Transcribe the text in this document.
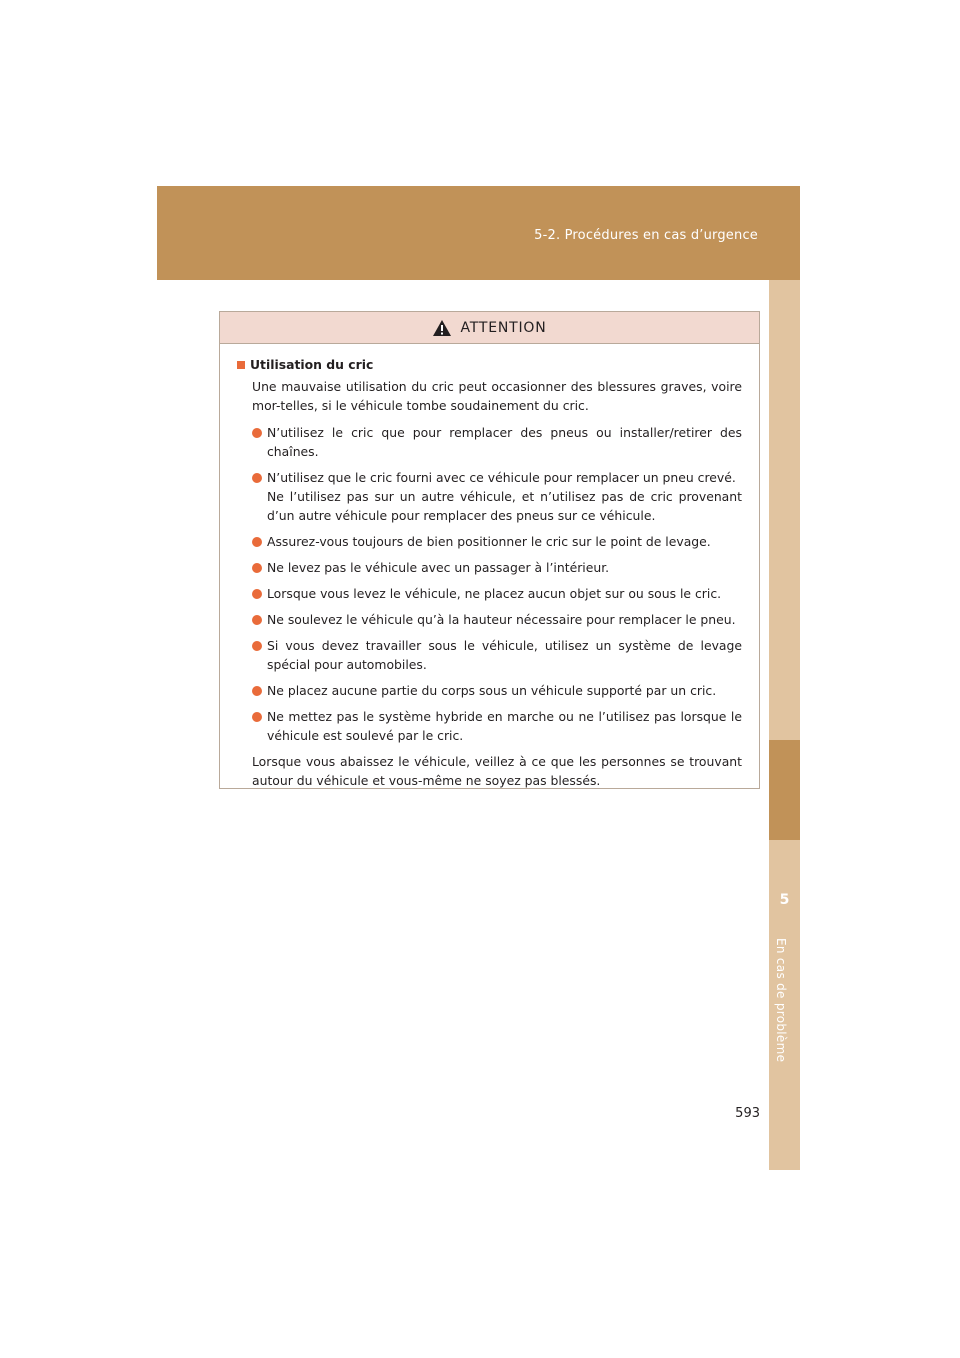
5-2. Procédures en cas d’urgence
5
En cas de problème
ATTENTION
Utilisation du cric
Une mauvaise utilisation du cric peut occasionner des blessures graves, voire mor-telles, si le véhicule tombe soudainement du cric.
N’utilisez le cric que pour remplacer des pneus ou installer/retirer des chaînes.
N’utilisez que le cric fourni avec ce véhicule pour remplacer un pneu crevé.
Ne l’utilisez pas sur un autre véhicule, et n’utilisez pas de cric provenant d’un autre véhicule pour remplacer des pneus sur ce véhicule.
Assurez-vous toujours de bien positionner le cric sur le point de levage.
Ne levez pas le véhicule avec un passager à l’intérieur.
Lorsque vous levez le véhicule, ne placez aucun objet sur ou sous le cric.
Ne soulevez le véhicule qu’à la hauteur nécessaire pour remplacer le pneu.
Si vous devez travailler sous le véhicule, utilisez un système de levage spécial pour automobiles.
Ne placez aucune partie du corps sous un véhicule supporté par un cric.
Ne mettez pas le système hybride en marche ou ne l’utilisez pas lorsque le véhicule est soulevé par le cric.
Lorsque vous abaissez le véhicule, veillez à ce que les personnes se trouvant autour du véhicule et vous-même ne soyez pas blessés.
593
